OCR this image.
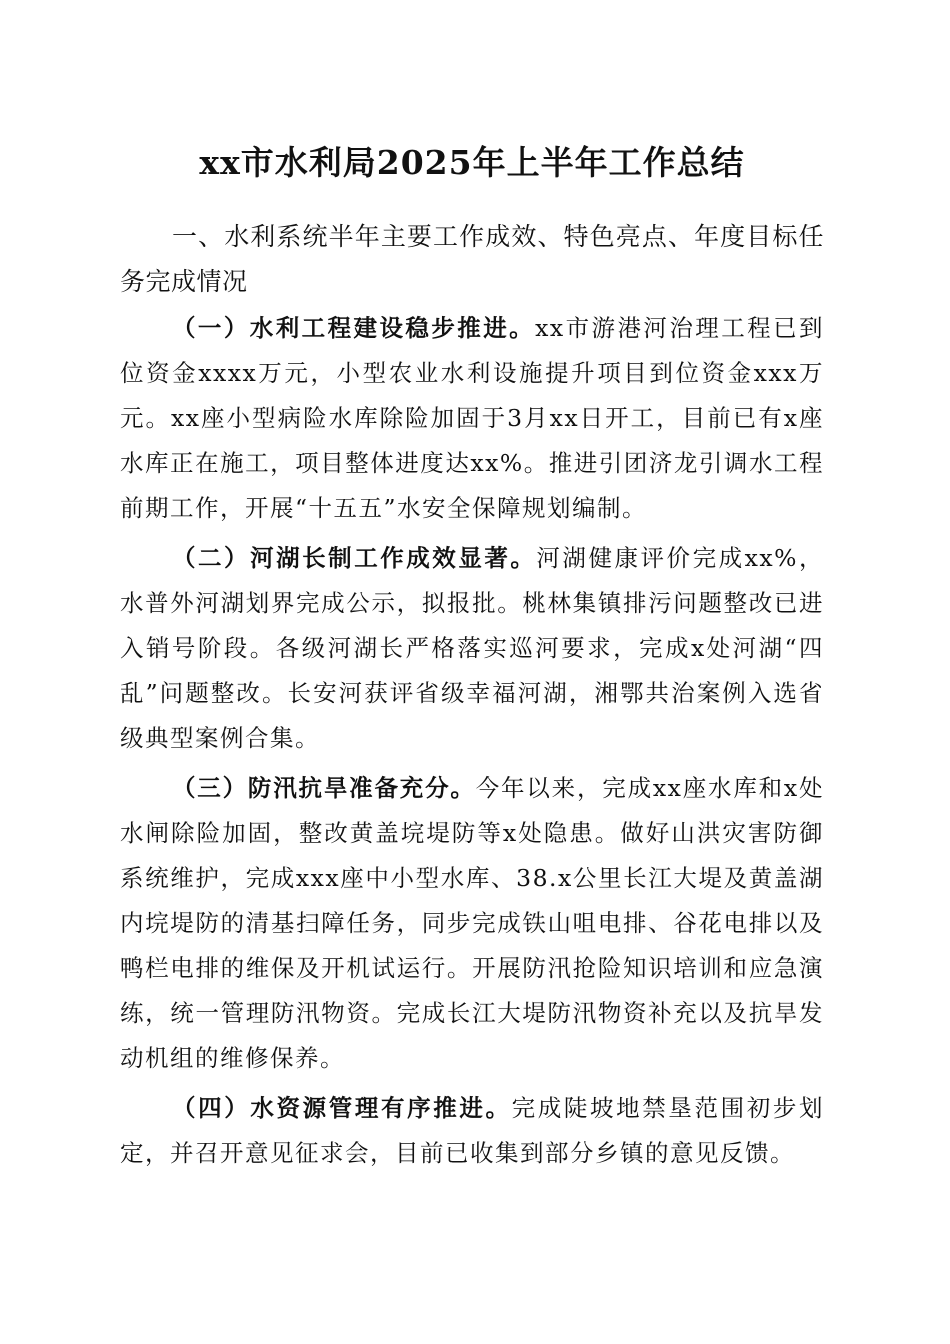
xx市水利局2025年上半年工作总结

一、水利系统半年主要工作成效、特色亮点、年度目标任务完成情况

（一）水利工程建设稳步推进。xx市游港河治理工程已到位资金xxxx万元，小型农业水利设施提升项目到位资金xxx万元。xx座小型病险水库除险加固于3月xx日开工，目前已有x座水库正在施工，项目整体进度达xx%。推进引团济龙引调水工程前期工作，开展“十五五”水安全保障规划编制。

（二）河湖长制工作成效显著。河湖健康评价完成xx%，水普外河湖划界完成公示，拟报批。桃林集镇排污问题整改已进入销号阶段。各级河湖长严格落实巡河要求，完成x处河湖“四乱”问题整改。长安河获评省级幸福河湖，湘鄂共治案例入选省级典型案例合集。

（三）防汛抗旱准备充分。今年以来，完成xx座水库和x处水闸除险加固，整改黄盖垸堤防等x处隐患。做好山洪灾害防御系统维护，完成xxx座中小型水库、38.x公里长江大堤及黄盖湖内垸堤防的清基扫障任务，同步完成铁山咀电排、谷花电排以及鸭栏电排的维保及开机试运行。开展防汛抢险知识培训和应急演练，统一管理防汛物资。完成长江大堤防汛物资补充以及抗旱发动机组的维修保养。

（四）水资源管理有序推进。完成陡坡地禁垦范围初步划定，并召开意见征求会，目前已收集到部分乡镇的意见反馈。
